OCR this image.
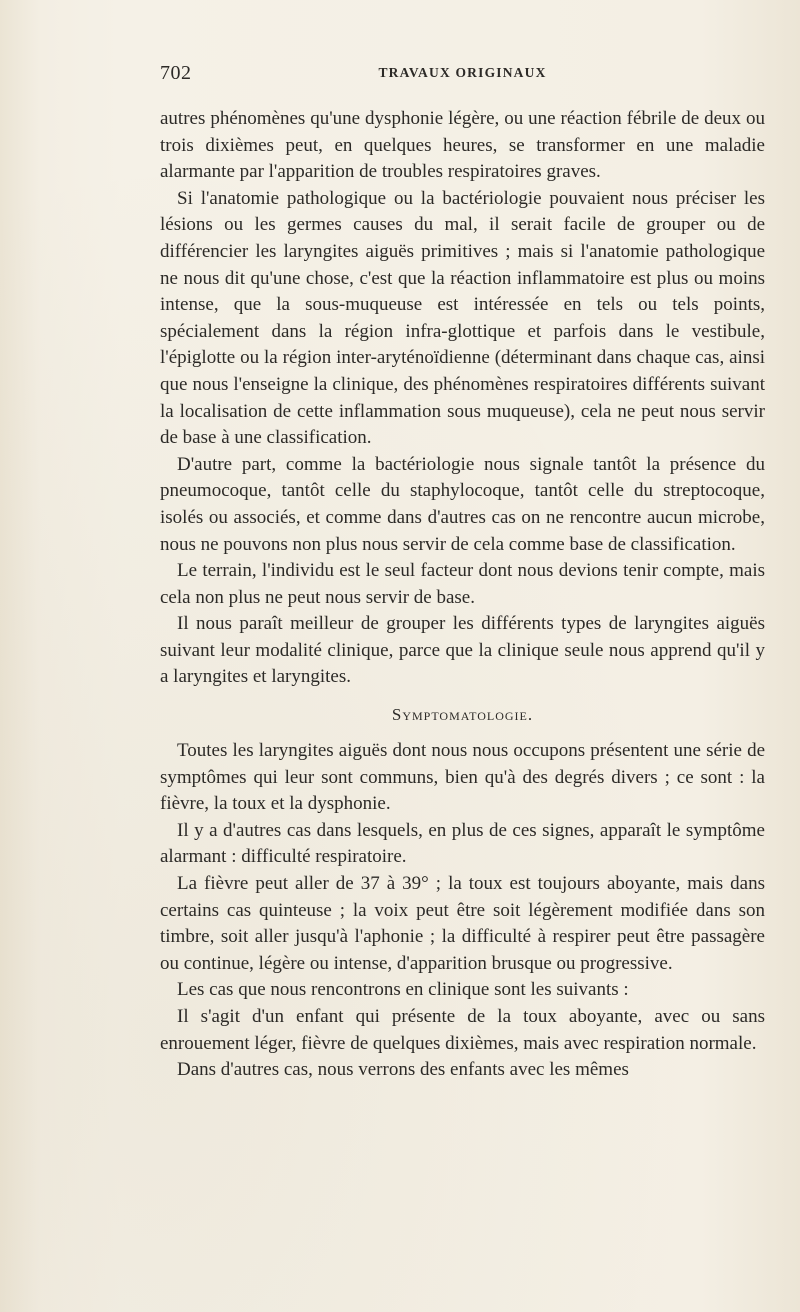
702	TRAVAUX ORIGINAUX

autres phénomènes qu'une dysphonie légère, ou une réaction fébrile de deux ou trois dixièmes peut, en quelques heures, se transformer en une maladie alarmante par l'apparition de troubles respiratoires graves.

Si l'anatomie pathologique ou la bactériologie pouvaient nous préciser les lésions ou les germes causes du mal, il serait facile de grouper ou de différencier les laryngites aiguës primitives ; mais si l'anatomie pathologique ne nous dit qu'une chose, c'est que la réaction inflammatoire est plus ou moins intense, que la sous-muqueuse est intéressée en tels ou tels points, spécialement dans la région infra-glottique et parfois dans le vestibule, l'épiglotte ou la région inter-aryténoïdienne (déterminant dans chaque cas, ainsi que nous l'enseigne la clinique, des phénomènes respiratoires différents suivant la localisation de cette inflammation sous muqueuse), cela ne peut nous servir de base à une classification.

D'autre part, comme la bactériologie nous signale tantôt la présence du pneumocoque, tantôt celle du staphylocoque, tantôt celle du streptocoque, isolés ou associés, et comme dans d'autres cas on ne rencontre aucun microbe, nous ne pouvons non plus nous servir de cela comme base de classification.

Le terrain, l'individu est le seul facteur dont nous devions tenir compte, mais cela non plus ne peut nous servir de base.

Il nous paraît meilleur de grouper les différents types de laryngites aiguës suivant leur modalité clinique, parce que la clinique seule nous apprend qu'il y a laryngites et laryngites.

Symptomatologie.

Toutes les laryngites aiguës dont nous nous occupons présentent une série de symptômes qui leur sont communs, bien qu'à des degrés divers ; ce sont : la fièvre, la toux et la dysphonie.

Il y a d'autres cas dans lesquels, en plus de ces signes, apparaît le symptôme alarmant : difficulté respiratoire.

La fièvre peut aller de 37 à 39° ; la toux est toujours aboyante, mais dans certains cas quinteuse ; la voix peut être soit légèrement modifiée dans son timbre, soit aller jusqu'à l'aphonie ; la difficulté à respirer peut être passagère ou continue, légère ou intense, d'apparition brusque ou progressive.

Les cas que nous rencontrons en clinique sont les suivants :

Il s'agit d'un enfant qui présente de la toux aboyante, avec ou sans enrouement léger, fièvre de quelques dixièmes, mais avec respiration normale.

Dans d'autres cas, nous verrons des enfants avec les mêmes
